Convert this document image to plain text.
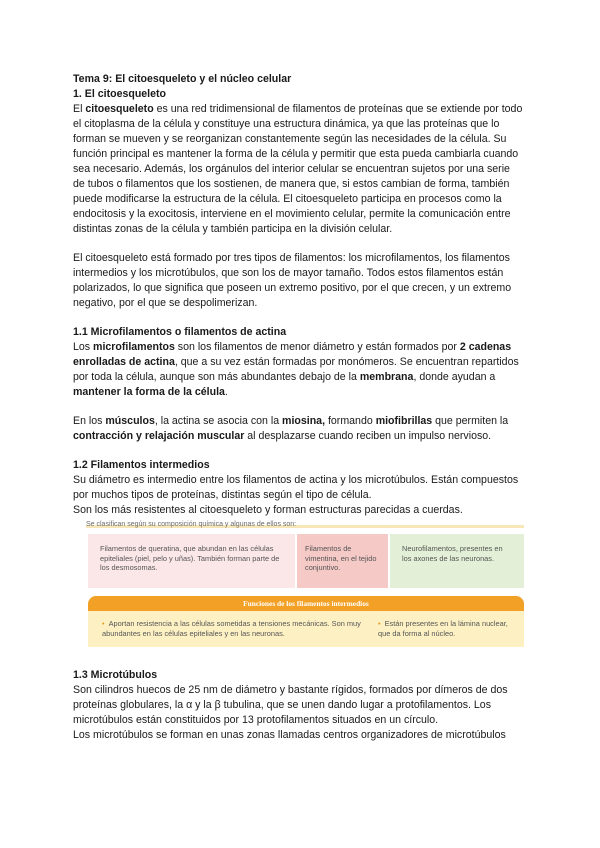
Tema 9: El citoesqueleto y el núcleo celular

1. El citoesqueleto

El citoesqueleto es una red tridimensional de filamentos de proteínas que se extiende por todo el citoplasma de la célula y constituye una estructura dinámica, ya que las proteínas que lo forman se mueven y se reorganizan constantemente según las necesidades de la célula. Su función principal es mantener la forma de la célula y permitir que esta pueda cambiarla cuando sea necesario. Además, los orgánulos del interior celular se encuentran sujetos por una serie de tubos o filamentos que los sostienen, de manera que, si estos cambian de forma, también puede modificarse la estructura de la célula. El citoesqueleto participa en procesos como la endocitosis y la exocitosis, interviene en el movimiento celular, permite la comunicación entre distintas zonas de la célula y también participa en la división celular.

El citoesqueleto está formado por tres tipos de filamentos: los microfilamentos, los filamentos intermedios y los microtúbulos, que son los de mayor tamaño. Todos estos filamentos están polarizados, lo que significa que poseen un extremo positivo, por el que crecen, y un extremo negativo, por el que se despolimerizan.

1.1 Microfilamentos o filamentos de actina

Los microfilamentos son los filamentos de menor diámetro y están formados por 2 cadenas enrolladas de actina, que a su vez están formadas por monómeros. Se encuentran repartidos por toda la célula, aunque son más abundantes debajo de la membrana, donde ayudan a mantener la forma de la célula.

En los músculos, la actina se asocia con la miosina, formando miofibrillas que permiten la contracción y relajación muscular al desplazarse cuando reciben un impulso nervioso.

1.2 Filamentos intermedios

Su diámetro es intermedio entre los filamentos de actina y los microtúbulos. Están compuestos por muchos tipos de proteínas, distintas según el tipo de célula.

Son los más resistentes al citoesqueleto y forman estructuras parecidas a cuerdas.

Se clasifican según su composición química y algunas de ellos son:
Filamentos de queratina, que abundan en las células epiteliales (piel, pelo y uñas). También forman parte de los desmosomas.
Filamentos de vimentina, en el tejido conjuntivo.
Neurofilamentos, presentes en los axones de las neuronas.
Funciones de los filamentos intermedios
• Aportan resistencia a las células sometidas a tensiones mecánicas. Son muy abundantes en las células epiteliales y en las neuronas.
• Están presentes en la lámina nuclear, que da forma al núcleo.

1.3 Microtúbulos

Son cilindros huecos de 25 nm de diámetro y bastante rígidos, formados por dímeros de dos proteínas globulares, la α y la β tubulina, que se unen dando lugar a protofilamentos. Los microtúbulos están constituidos por 13 protofilamentos situados en un círculo.

Los microtúbulos se forman en unas zonas llamadas centros organizadores de microtúbulos
